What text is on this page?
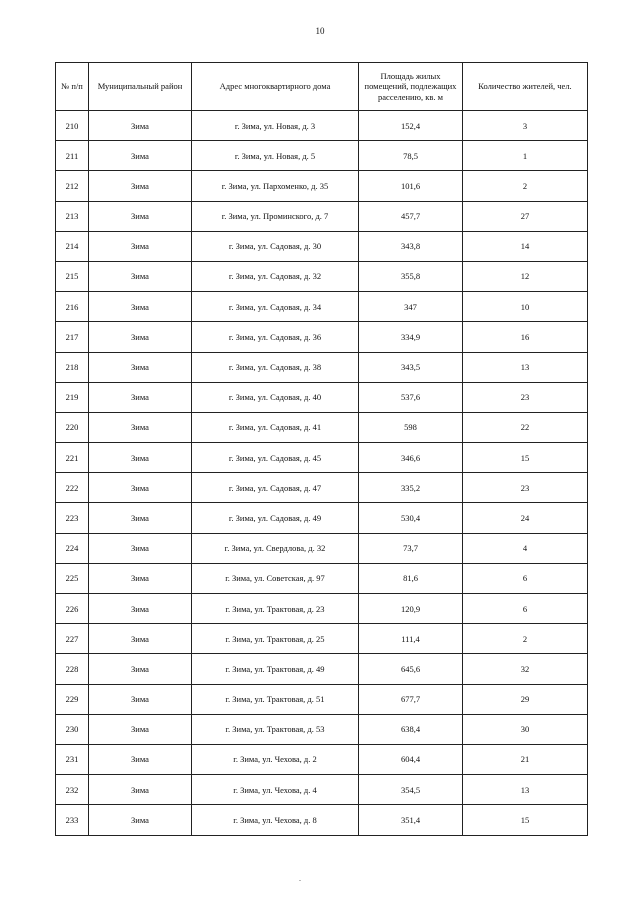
10
№ п/п	Муниципальный район	Адрес многоквартирного дома	Площадь жилых помещений, подлежащих расселению, кв. м	Количество жителей, чел.
210	Зима	г. Зима, ул. Новая, д. 3	152,4	3
211	Зима	г. Зима, ул. Новая, д. 5	78,5	1
212	Зима	г. Зима, ул. Пархоменко, д. 35	101,6	2
213	Зима	г. Зима, ул. Проминского, д. 7	457,7	27
214	Зима	г. Зима, ул. Садовая, д. 30	343,8	14
215	Зима	г. Зима, ул. Садовая, д. 32	355,8	12
216	Зима	г. Зима, ул. Садовая, д. 34	347	10
217	Зима	г. Зима, ул. Садовая, д. 36	334,9	16
218	Зима	г. Зима, ул. Садовая, д. 38	343,5	13
219	Зима	г. Зима, ул. Садовая, д. 40	537,6	23
220	Зима	г. Зима, ул. Садовая, д. 41	598	22
221	Зима	г. Зима, ул. Садовая, д. 45	346,6	15
222	Зима	г. Зима, ул. Садовая, д. 47	335,2	23
223	Зима	г. Зима, ул. Садовая, д. 49	530,4	24
224	Зима	г. Зима, ул. Свердлова, д. 32	73,7	4
225	Зима	г. Зима, ул. Советская, д. 97	81,6	6
226	Зима	г. Зима, ул. Трактовая, д. 23	120,9	6
227	Зима	г. Зима, ул. Трактовая, д. 25	111,4	2
228	Зима	г. Зима, ул. Трактовая, д. 49	645,6	32
229	Зима	г. Зима, ул. Трактовая, д. 51	677,7	29
230	Зима	г. Зима, ул. Трактовая, д. 53	638,4	30
231	Зима	г. Зима, ул. Чехова, д. 2	604,4	21
232	Зима	г. Зима, ул. Чехова, д. 4	354,5	13
233	Зима	г. Зима, ул. Чехова, д. 8	351,4	15
